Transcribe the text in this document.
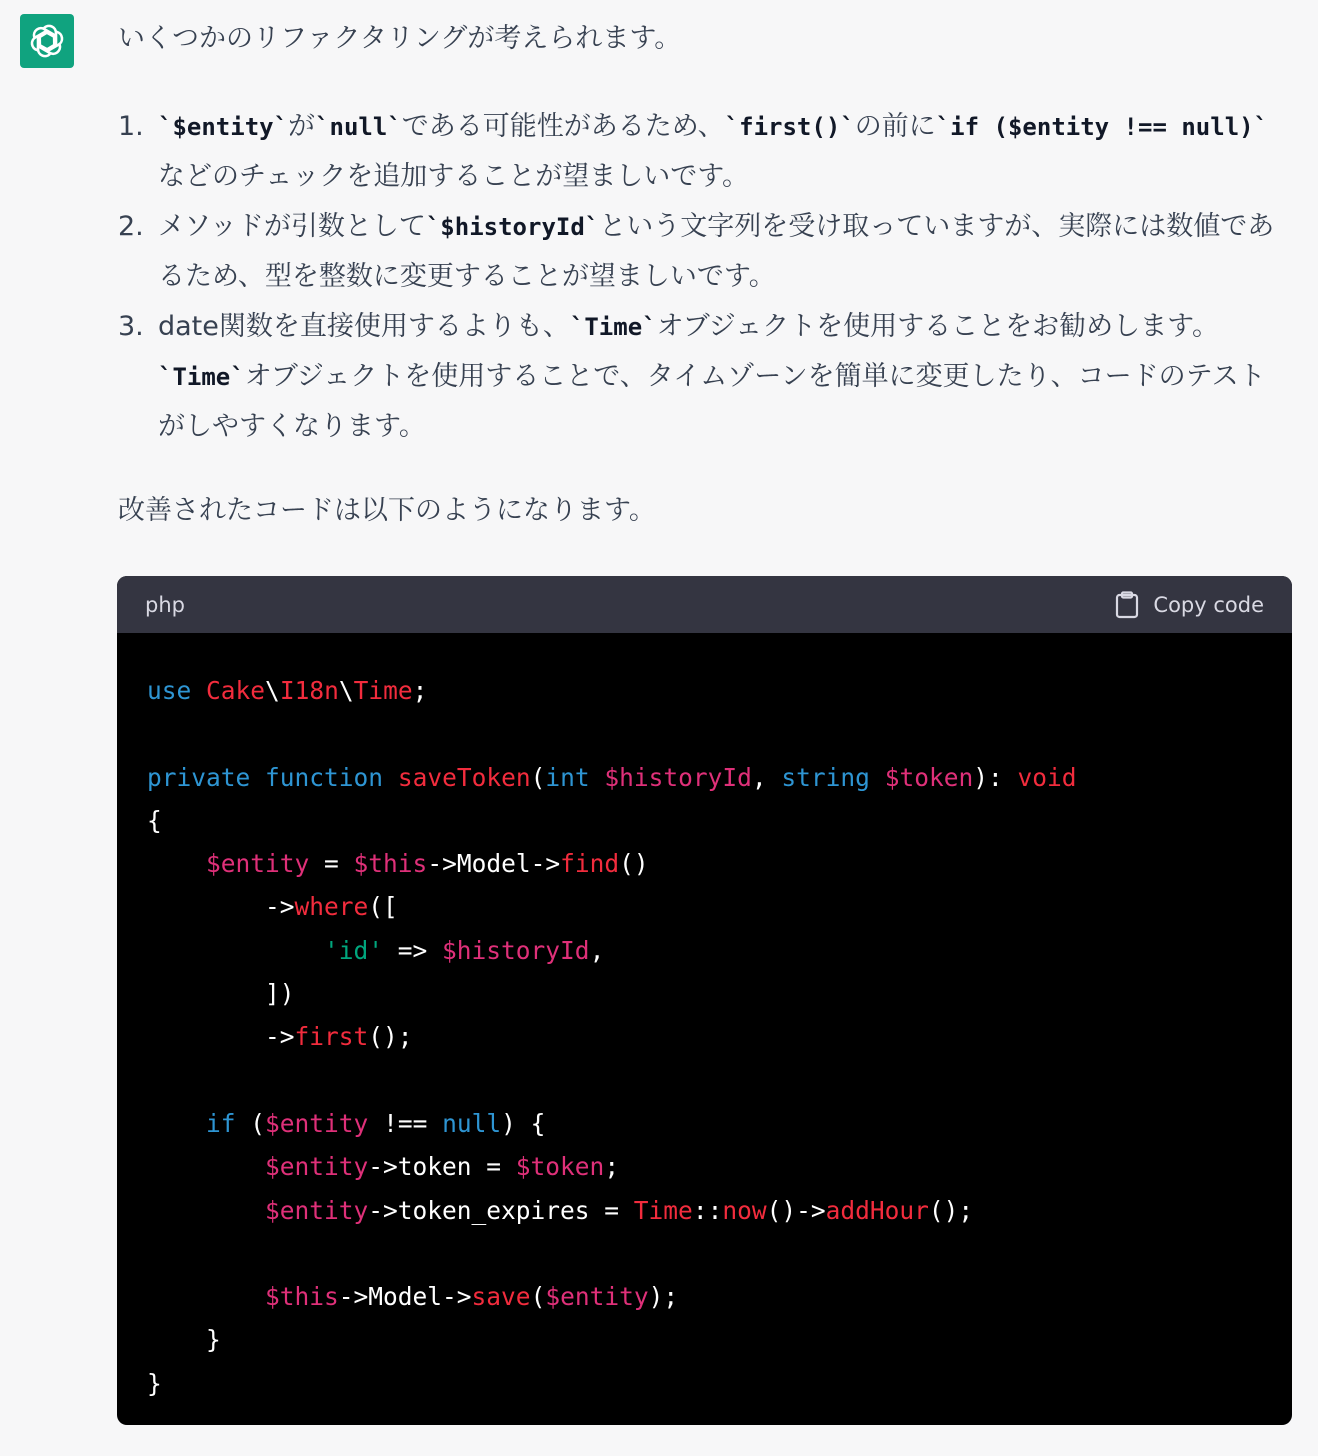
いくつかのリファクタリングが考えられます。

1. `$entity`が`null`である可能性があるため、`first()`の前に`if ($entity !== null)`などのチェックを追加することが望ましいです。
2. メソッドが引数として`$historyId`という文字列を受け取っていますが、実際には数値であるため、型を整数に変更することが望ましいです。
3. date関数を直接使用するよりも、`Time`オブジェクトを使用することをお勧めします。`Time`オブジェクトを使用することで、タイムゾーンを簡単に変更したり、コードのテストがしやすくなります。

改善されたコードは以下のようになります。

php	Copy code
use Cake\I18n\Time;

private function saveToken(int $historyId, string $token): void
{
$entity = $this->Model->find()
->where([
'id' => $historyId,
])
->first();

if ($entity !== null) {
$entity->token = $token;
$entity->token_expires = Time::now()->addHour();

$this->Model->save($entity);
}
}
